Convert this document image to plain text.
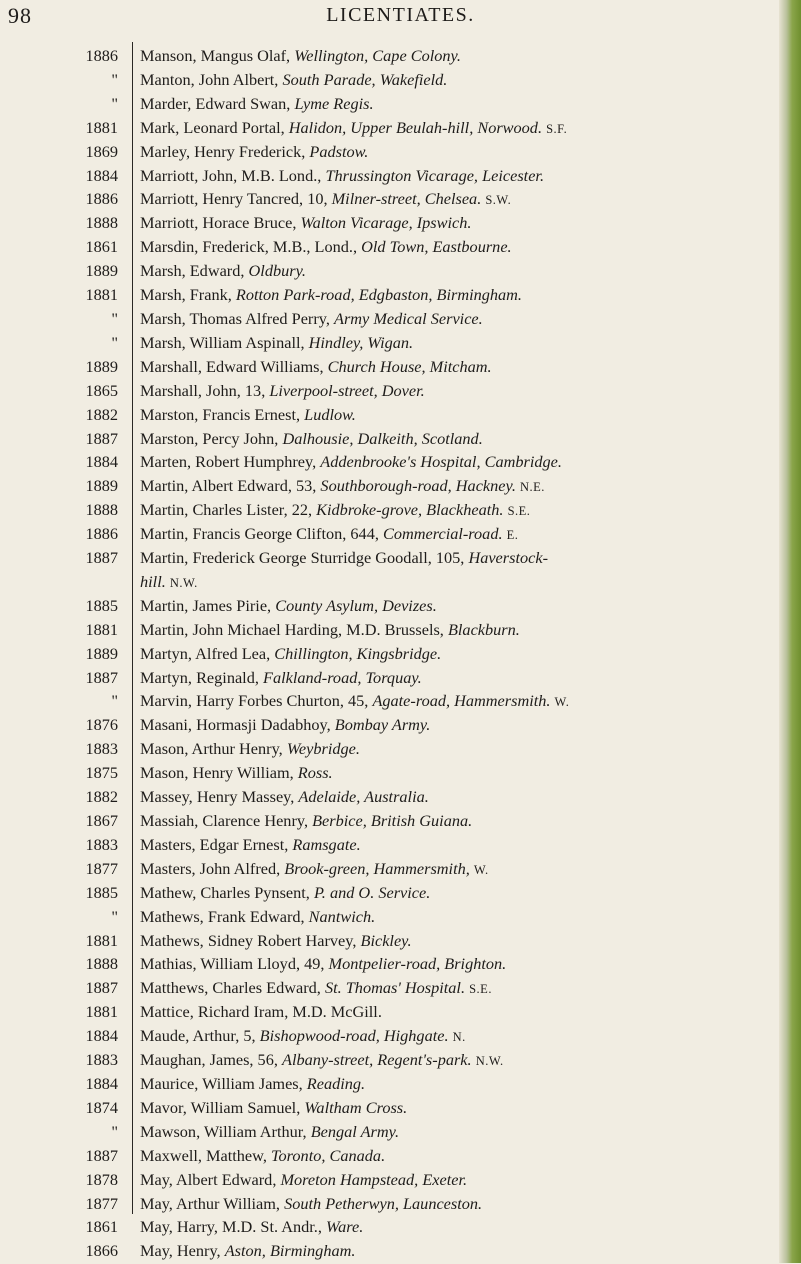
98	LICENTIATES.
1886 Manson, Mangus Olaf, Wellington, Cape Colony.
" Manton, John Albert, South Parade, Wakefield.
" Marder, Edward Swan, Lyme Regis.
1881 Mark, Leonard Portal, Halidon, Upper Beulah-hill, Norwood. S.F.
1869 Marley, Henry Frederick, Padstow.
1884 Marriott, John, M.B. Lond., Thrussington Vicarage, Leicester.
1886 Marriott, Henry Tancred, 10, Milner-street, Chelsea. S.W.
1888 Marriott, Horace Bruce, Walton Vicarage, Ipswich.
1861 Marsdin, Frederick, M.B., Lond., Old Town, Eastbourne.
1889 Marsh, Edward, Oldbury.
1881 Marsh, Frank, Rotton Park-road, Edgbaston, Birmingham.
" Marsh, Thomas Alfred Perry, Army Medical Service.
" Marsh, William Aspinall, Hindley, Wigan.
1889 Marshall, Edward Williams, Church House, Mitcham.
1865 Marshall, John, 13, Liverpool-street, Dover.
1882 Marston, Francis Ernest, Ludlow.
1887 Marston, Percy John, Dalhousie, Dalkeith, Scotland.
1884 Marten, Robert Humphrey, Addenbrooke's Hospital, Cambridge.
1889 Martin, Albert Edward, 53, Southborough-road, Hackney. N.E.
1888 Martin, Charles Lister, 22, Kidbroke-grove, Blackheath. S.E.
1886 Martin, Francis George Clifton, 644, Commercial-road. E.
1887 Martin, Frederick George Sturridge Goodall, 105, Haverstock-
hill. N.W.
1885 Martin, James Pirie, County Asylum, Devizes.
1881 Martin, John Michael Harding, M.D. Brussels, Blackburn.
1889 Martyn, Alfred Lea, Chillington, Kingsbridge.
1887 Martyn, Reginald, Falkland-road, Torquay.
" Marvin, Harry Forbes Churton, 45, Agate-road, Hammersmith. W.
1876 Masani, Hormasji Dadabhoy, Bombay Army.
1883 Mason, Arthur Henry, Weybridge.
1875 Mason, Henry William, Ross.
1882 Massey, Henry Massey, Adelaide, Australia.
1867 Massiah, Clarence Henry, Berbice, British Guiana.
1883 Masters, Edgar Ernest, Ramsgate.
1877 Masters, John Alfred, Brook-green, Hammersmith, W.
1885 Mathew, Charles Pynsent, P. and O. Service.
" Mathews, Frank Edward, Nantwich.
1881 Mathews, Sidney Robert Harvey, Bickley.
1888 Mathias, William Lloyd, 49, Montpelier-road, Brighton.
1887 Matthews, Charles Edward, St. Thomas' Hospital. S.E.
1881 Mattice, Richard Iram, M.D. McGill.
1884 Maude, Arthur, 5, Bishopwood-road, Highgate. N.
1883 Maughan, James, 56, Albany-street, Regent's-park. N.W.
1884 Maurice, William James, Reading.
1874 Mavor, William Samuel, Waltham Cross.
" Mawson, William Arthur, Bengal Army.
1887 Maxwell, Matthew, Toronto, Canada.
1878 May, Albert Edward, Moreton Hampstead, Exeter.
1877 May, Arthur William, South Petherwyn, Launceston.
1861 May, Harry, M.D. St. Andr., Ware.
1866 May, Henry, Aston, Birmingham.
